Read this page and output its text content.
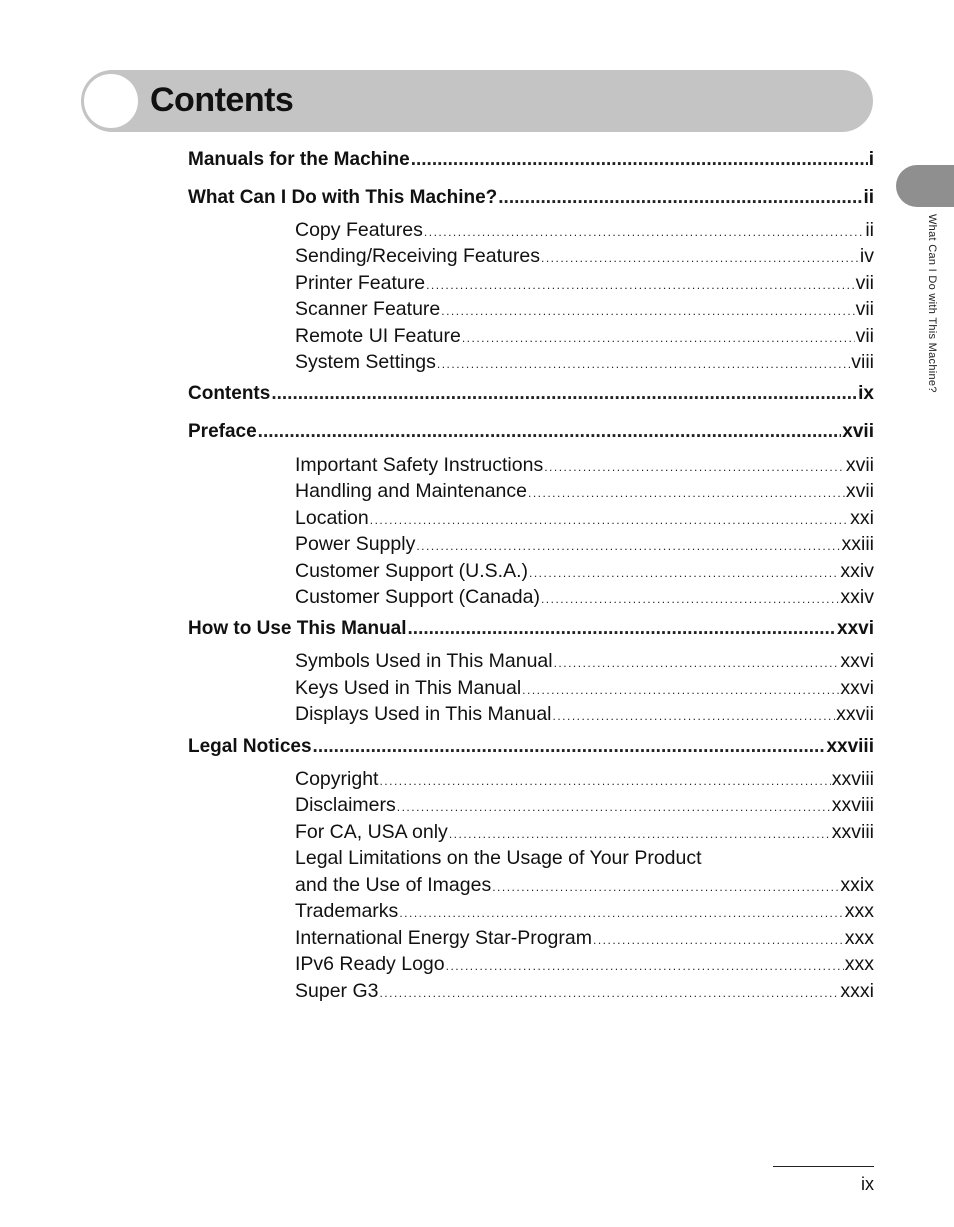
Contents
What Can I Do with This Machine?
Manuals for the Machine .....	i
What Can I Do with This Machine? .....	ii
Copy Features .....	ii
Sending/Receiving Features .....	iv
Printer Feature .....	vii
Scanner Feature .....	vii
Remote UI Feature .....	vii
System Settings .....	viii
Contents .....	ix
Preface .....	xvii
Important Safety Instructions .....	xvii
Handling and Maintenance .....	xvii
Location .....	xxi
Power Supply .....	xxiii
Customer Support (U.S.A.) .....	xxiv
Customer Support (Canada) .....	xxiv
How to Use This Manual .....	xxvi
Symbols Used in This Manual .....	xxvi
Keys Used in This Manual .....	xxvi
Displays Used in This Manual .....	xxvii
Legal Notices .....	xxviii
Copyright .....	xxviii
Disclaimers .....	xxviii
For CA, USA only .....	xxviii
Legal Limitations on the Usage of Your Product
and the Use of Images .....	xxix
Trademarks .....	xxx
International Energy Star-Program .....	xxx
IPv6 Ready Logo .....	xxx
Super G3 .....	xxxi
ix
